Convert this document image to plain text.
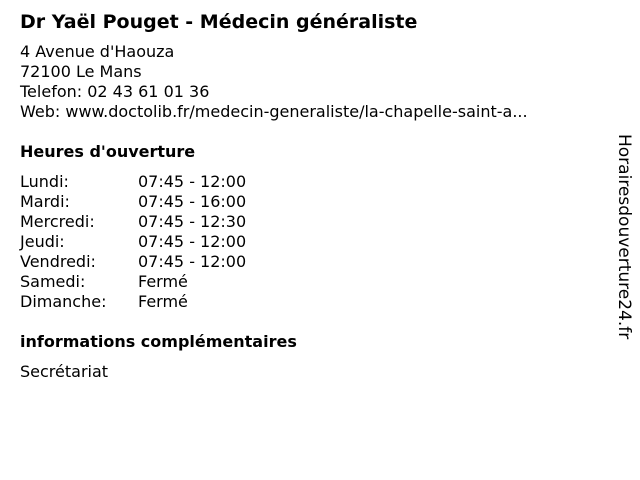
Dr Yaël Pouget - Médecin généraliste
4 Avenue d'Haouza
72100 Le Mans
Telefon: 02 43 61 01 36
Web: www.doctolib.fr/medecin-generaliste/la-chapelle-saint-a...
Heures d'ouverture
Lundi:	07:45 - 12:00
Mardi:	07:45 - 16:00
Mercredi:	07:45 - 12:30
Jeudi:	07:45 - 12:00
Vendredi:	07:45 - 12:00
Samedi:	Fermé
Dimanche:	Fermé
informations complémentaires
Secrétariat
Horairesdouverture24.fr
